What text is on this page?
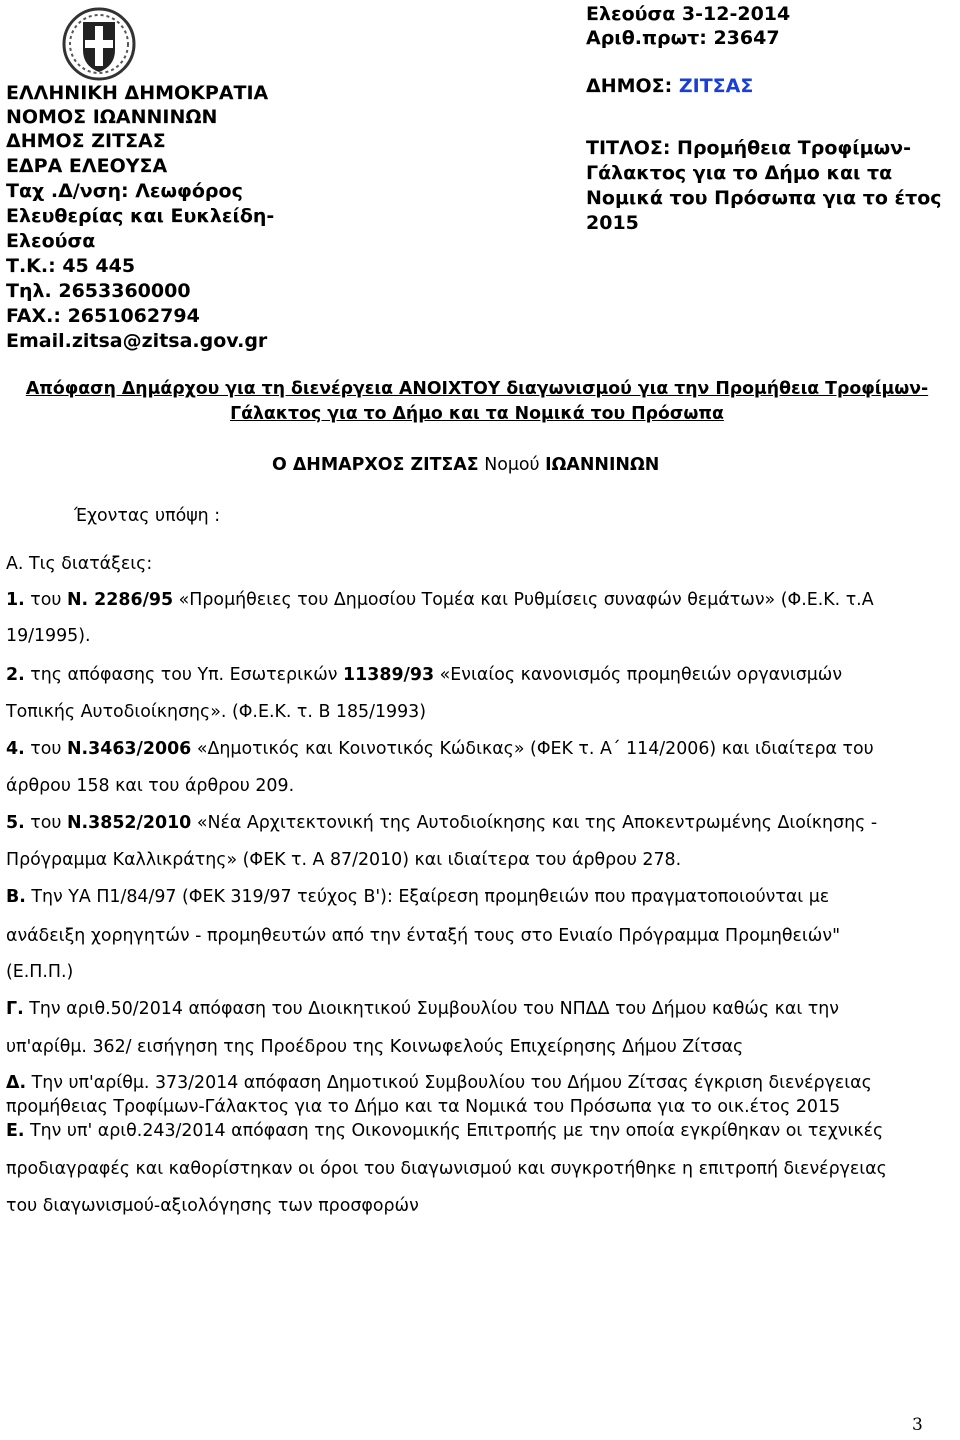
ΕΛΛΗΝΙΚΗ ΔΗΜΟΚΡΑΤΙΑ
ΝΟΜΟΣ ΙΩΑΝΝΙΝΩΝ
ΔΗΜΟΣ ΖΙΤΣΑΣ
ΕΔΡΑ ΕΛΕΟΥΣΑ
Ταχ .Δ/νση: Λεωφόρος
Ελευθερίας και Ευκλείδη-
Ελεούσα
Τ.Κ.: 45 445
Τηλ. 2653360000
FAX.: 2651062794
Email.zitsa@zitsa.gov.gr
Ελεούσα 3-12-2014
Αριθ.πρωτ: 23647
ΔΗΜΟΣ: ΖΙΤΣΑΣ
ΤΙΤΛΟΣ: Προμήθεια Τροφίμων-
Γάλακτος για το Δήμο και τα
Νομικά του Πρόσωπα για το έτος
2015
Απόφαση Δημάρχου για τη διενέργεια ΑΝΟΙΧΤΟΥ διαγωνισμού για την Προμήθεια Τροφίμων-
Γάλακτος για το Δήμο και τα Νομικά του Πρόσωπα
Ο ΔΗΜΑΡΧΟΣ ΖΙΤΣΑΣ Νομού ΙΩΑΝΝΙΝΩΝ
Έχοντας υπόψη :
Α. Τις διατάξεις:
1. του Ν. 2286/95 «Προμήθειες του Δημοσίου Τομέα και Ρυθμίσεις συναφών θεμάτων» (Φ.Ε.Κ. τ.Α
19/1995).
2. της απόφασης του Υπ. Εσωτερικών 11389/93 «Ενιαίος κανονισμός προμηθειών οργανισμών
Τοπικής Αυτοδιοίκησης». (Φ.Ε.Κ. τ. Β 185/1993)
4. του Ν.3463/2006 «Δημοτικός και Κοινοτικός Κώδικας» (ΦΕΚ τ. Α΄ 114/2006) και ιδιαίτερα του
άρθρου 158 και του άρθρου 209.
5. του Ν.3852/2010 «Νέα Αρχιτεκτονική της Αυτοδιοίκησης και της Αποκεντρωμένης Διοίκησης -
Πρόγραμμα Καλλικράτης» (ΦΕΚ τ. Α 87/2010) και ιδιαίτερα του άρθρου 278.
Β. Την ΥΑ Π1/84/97 (ΦΕΚ 319/97 τεύχος Β'): Εξαίρεση προμηθειών που πραγματοποιούνται με
ανάδειξη χορηγητών - προμηθευτών από την ένταξή τους στο Ενιαίο Πρόγραμμα Προμηθειών"
(Ε.Π.Π.)
Γ. Την αριθ.50/2014 απόφαση του Διοικητικού Συμβουλίου του ΝΠΔΔ του Δήμου καθώς και την
υπ'αρίθμ. 362/ εισήγηση της Προέδρου της Κοινωφελούς Επιχείρησης Δήμου Ζίτσας
Δ. Την υπ'αρίθμ. 373/2014 απόφαση Δημοτικού Συμβουλίου του Δήμου Ζίτσας έγκριση διενέργειας
προμήθειας Τροφίμων-Γάλακτος για το Δήμο και τα Νομικά του Πρόσωπα για το οικ.έτος 2015
Ε. Την υπ' αριθ.243/2014 απόφαση της Οικονομικής Επιτροπής με την οποία εγκρίθηκαν οι τεχνικές
προδιαγραφές και καθορίστηκαν οι όροι του διαγωνισμού και συγκροτήθηκε η επιτροπή διενέργειας
του διαγωνισμού-αξιολόγησης των προσφορών
3
